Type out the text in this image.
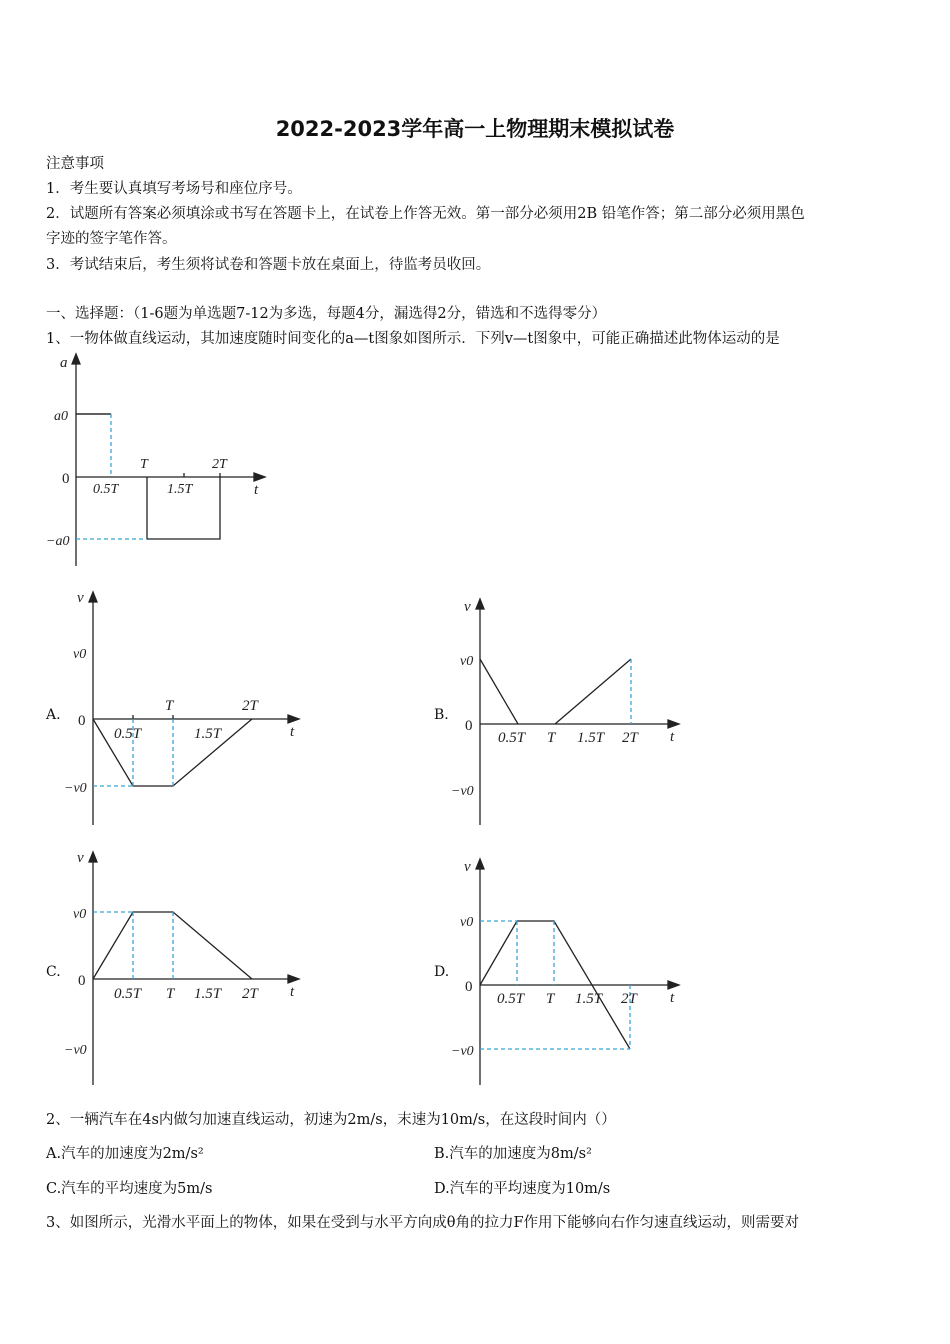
2022-2023学年高一上物理期末模拟试卷
注意事项
1．考生要认真填写考场号和座位序号。
2．试题所有答案必须填涂或书写在答题卡上，在试卷上作答无效。第一部分必须用2B 铅笔作答；第二部分必须用黑色
字迹的签字笔作答。
3．考试结束后，考生须将试卷和答题卡放在桌面上，待监考员收回。
一、选择题：（1-6题为单选题7-12为多选，每题4分，漏选得2分，错选和不选得零分）
1、一物体做直线运动，其加速度随时间变化的a—t图象如图所示．下列v—t图象中，可能正确描述此物体运动的是
a
a0
0
−a0
t
0.5T
T
1.5T
2T
A.
v
v0
0
−v0
t
0.5T
T
1.5T
2T
B.
v
v0
0
−v0
t
0.5T T 1.5T 2T
C.
v
v0
0
−v0
t
0.5T T 1.5T 2T
D.
v
v0
0
−v0
t
0.5T T 1.5T 2T
2、一辆汽车在4s内做匀加速直线运动，初速为2m/s，末速为10m/s，在这段时间内（）
A.汽车的加速度为2m/s²	B.汽车的加速度为8m/s²
C.汽车的平均速度为5m/s	D.汽车的平均速度为10m/s
3、如图所示，光滑水平面上的物体，如果在受到与水平方向成θ角的拉力F作用下能够向右作匀速直线运动，则需要对
